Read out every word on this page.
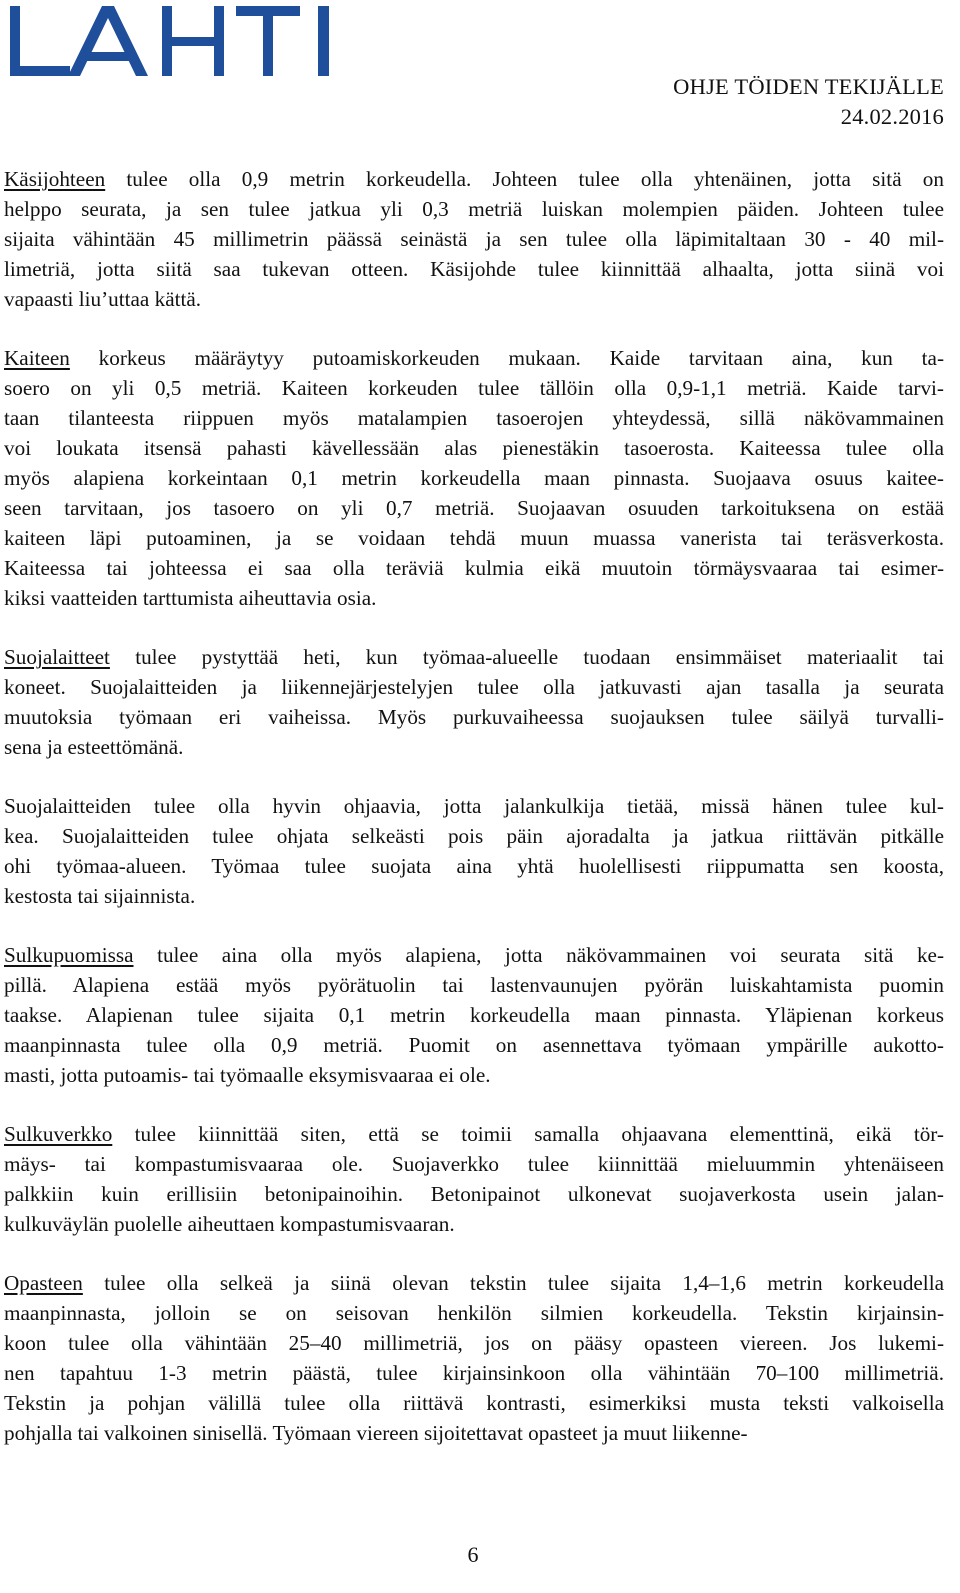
OHJE TÖIDEN TEKIJÄLLE
24.02.2016
Käsijohteen tulee olla 0,9 metrin korkeudella. Johteen tulee olla yhtenäinen, jotta sitä on
helppo seurata, ja sen tulee jatkua yli 0,3 metriä luiskan molempien päiden. Johteen tulee
sijaita vähintään 45 millimetrin päässä seinästä ja sen tulee olla läpimitaltaan 30 - 40 mil-
limetriä, jotta siitä saa tukevan otteen. Käsijohde tulee kiinnittää alhaalta, jotta siinä voi
vapaasti liu’uttaa kättä.
Kaiteen korkeus määräytyy putoamiskorkeuden mukaan. Kaide tarvitaan aina, kun ta-
soero on yli 0,5 metriä. Kaiteen korkeuden tulee tällöin olla 0,9-1,1 metriä. Kaide tarvi-
taan tilanteesta riippuen myös matalampien tasoerojen yhteydessä, sillä näkövammainen
voi loukata itsensä pahasti kävellessään alas pienestäkin tasoerosta. Kaiteessa tulee olla
myös alapiena korkeintaan 0,1 metrin korkeudella maan pinnasta. Suojaava osuus kaitee-
seen tarvitaan, jos tasoero on yli 0,7 metriä. Suojaavan osuuden tarkoituksena on estää
kaiteen läpi putoaminen, ja se voidaan tehdä muun muassa vanerista tai teräsverkosta.
Kaiteessa tai johteessa ei saa olla teräviä kulmia eikä muutoin törmäysvaaraa tai esimer-
kiksi vaatteiden tarttumista aiheuttavia osia.
Suojalaitteet tulee pystyttää heti, kun työmaa-alueelle tuodaan ensimmäiset materiaalit tai
koneet. Suojalaitteiden ja liikennejärjestelyjen tulee olla jatkuvasti ajan tasalla ja seurata
muutoksia työmaan eri vaiheissa. Myös purkuvaiheessa suojauksen tulee säilyä turvalli-
sena ja esteettömänä.
Suojalaitteiden tulee olla hyvin ohjaavia, jotta jalankulkija tietää, missä hänen tulee kul-
kea. Suojalaitteiden tulee ohjata selkeästi pois päin ajoradalta ja jatkua riittävän pitkälle
ohi työmaa-alueen. Työmaa tulee suojata aina yhtä huolellisesti riippumatta sen koosta,
kestosta tai sijainnista.
Sulkupuomissa tulee aina olla myös alapiena, jotta näkövammainen voi seurata sitä ke-
pillä. Alapiena estää myös pyörätuolin tai lastenvaunujen pyörän luiskahtamista puomin
taakse. Alapienan tulee sijaita 0,1 metrin korkeudella maan pinnasta. Yläpienan korkeus
maanpinnasta tulee olla 0,9 metriä. Puomit on asennettava työmaan ympärille aukotto-
masti, jotta putoamis- tai työmaalle eksymisvaaraa ei ole.
Sulkuverkko tulee kiinnittää siten, että se toimii samalla ohjaavana elementtinä, eikä tör-
mäys- tai kompastumisvaaraa ole. Suojaverkko tulee kiinnittää mieluummin yhtenäiseen
palkkiin kuin erillisiin betonipainoihin. Betonipainot ulkonevat suojaverkosta usein jalan-
kulkuväylän puolelle aiheuttaen kompastumisvaaran.
Opasteen tulee olla selkeä ja siinä olevan tekstin tulee sijaita 1,4–1,6 metrin korkeudella
maanpinnasta, jolloin se on seisovan henkilön silmien korkeudella. Tekstin kirjainsin-
koon tulee olla vähintään 25–40 millimetriä, jos on pääsy opasteen viereen. Jos lukemi-
nen tapahtuu 1-3 metrin päästä, tulee kirjainsinkoon olla vähintään 70–100 millimetriä.
Tekstin ja pohjan välillä tulee olla riittävä kontrasti, esimerkiksi musta teksti valkoisella
pohjalla tai valkoinen sinisellä. Työmaan viereen sijoitettavat opasteet ja muut liikenne-
6
